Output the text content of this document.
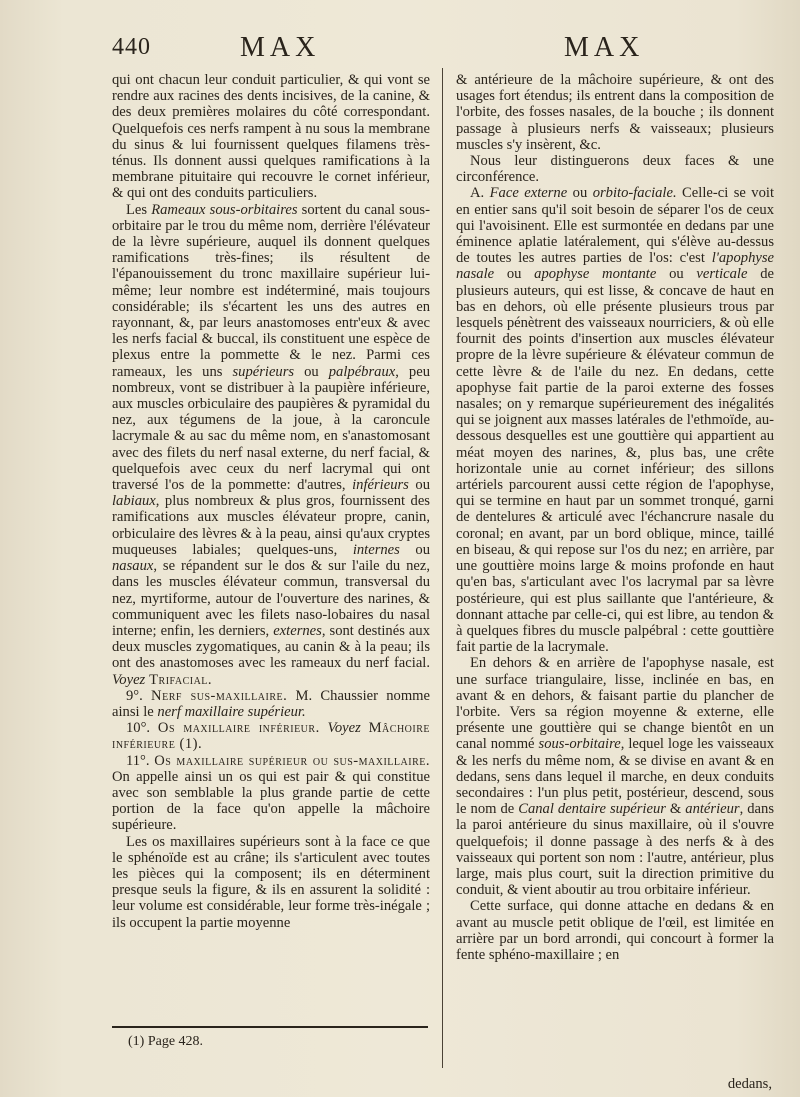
440	MAX	MAX

qui ont chacun leur conduit particulier, & qui vont se rendre aux racines des dents incisives, de la canine, & des deux premières molaires du côté correspondant. Quelquefois ces nerfs rampent à nu sous la membrane du sinus & lui fournissent quelques filamens très-ténus. Ils donnent aussi quelques ramifications à la membrane pituitaire qui recouvre le cornet inférieur, & qui ont des conduits particuliers.

Les Rameaux sous-orbitaires sortent du canal sous-orbitaire par le trou du même nom, derrière l'élévateur de la lèvre supérieure, auquel ils donnent quelques ramifications très-fines; ils résultent de l'épanouissement du tronc maxillaire supérieur lui-même; leur nombre est indéterminé, mais toujours considérable; ils s'écartent les uns des autres en rayonnant, &, par leurs anastomoses entr'eux & avec les nerfs facial & buccal, ils constituent une espèce de plexus entre la pommette & le nez. Parmi ces rameaux, les uns supérieurs ou palpébraux, peu nombreux, vont se distribuer à la paupière inférieure, aux muscles orbiculaire des paupières & pyramidal du nez, aux tégumens de la joue, à la caroncule lacrymale & au sac du même nom, en s'anastomosant avec des filets du nerf nasal externe, du nerf facial, & quelquefois avec ceux du nerf lacrymal qui ont traversé l'os de la pommette: d'autres, inférieurs ou labiaux, plus nombreux & plus gros, fournissent des ramifications aux muscles élévateur propre, canin, orbiculaire des lèvres & à la peau, ainsi qu'aux cryptes muqueuses labiales; quelques-uns, internes ou nasaux, se répandent sur le dos & sur l'aile du nez, dans les muscles élévateur commun, transversal du nez, myrtiforme, autour de l'ouverture des narines, & communiquent avec les filets naso-lobaires du nasal interne; enfin, les derniers, externes, sont destinés aux deux muscles zygomatiques, au canin & à la peau; ils ont des anastomoses avec les rameaux du nerf facial. Voyez Trifacial.

9°. Nerf sus-maxillaire. M. Chaussier nomme ainsi le nerf maxillaire supérieur.

10°. Os maxillaire inférieur. Voyez Mâchoire inférieure (1).

11°. Os maxillaire supérieur ou sus-maxillaire. On appelle ainsi un os qui est pair & qui constitue avec son semblable la plus grande partie de cette portion de la face qu'on appelle la mâchoire supérieure.

Les os maxillaires supérieurs sont à la face ce que le sphénoïde est au crâne; ils s'articulent avec toutes les pièces qui la composent; ils en déterminent presque seuls la figure, & ils en assurent la solidité : leur volume est considérable, leur forme très-inégale ; ils occupent la partie moyenne

(1) Page 428.

& antérieure de la mâchoire supérieure, & ont des usages fort étendus; ils entrent dans la composition de l'orbite, des fosses nasales, de la bouche ; ils donnent passage à plusieurs nerfs & vaisseaux; plusieurs muscles s'y insèrent, &c.

Nous leur distinguerons deux faces & une circonférence.

A. Face externe ou orbito-faciale. Celle-ci se voit en entier sans qu'il soit besoin de séparer l'os de ceux qui l'avoisinent. Elle est surmontée en dedans par une éminence aplatie latéralement, qui s'élève au-dessus de toutes les autres parties de l'os: c'est l'apophyse nasale ou apophyse montante ou verticale de plusieurs auteurs, qui est lisse, & concave de haut en bas en dehors, où elle présente plusieurs trous par lesquels pénètrent des vaisseaux nourriciers, & où elle fournit des points d'insertion aux muscles élévateur propre de la lèvre supérieure & élévateur commun de cette lèvre & de l'aile du nez. En dedans, cette apophyse fait partie de la paroi externe des fosses nasales; on y remarque supérieurement des inégalités qui se joignent aux masses latérales de l'ethmoïde, au-dessous desquelles est une gouttière qui appartient au méat moyen des narines, &, plus bas, une crête horizontale unie au cornet inférieur; des sillons artériels parcourent aussi cette région de l'apophyse, qui se termine en haut par un sommet tronqué, garni de dentelures & articulé avec l'échancrure nasale du coronal; en avant, par un bord oblique, mince, taillé en biseau, & qui repose sur l'os du nez; en arrière, par une gouttière moins large & moins profonde en haut qu'en bas, s'articulant avec l'os lacrymal par sa lèvre postérieure, qui est plus saillante que l'antérieure, & donnant attache par celle-ci, qui est libre, au tendon & à quelques fibres du muscle palpébral : cette gouttière fait partie de la lacrymale.

En dehors & en arrière de l'apophyse nasale, est une surface triangulaire, lisse, inclinée en bas, en avant & en dehors, & faisant partie du plancher de l'orbite. Vers sa région moyenne & externe, elle présente une gouttière qui se change bientôt en un canal nommé sous-orbitaire, lequel loge les vaisseaux & les nerfs du même nom, & se divise en avant & en dedans, sens dans lequel il marche, en deux conduits secondaires : l'un plus petit, postérieur, descend, sous le nom de Canal dentaire supérieur & antérieur, dans la paroi antérieure du sinus maxillaire, où il s'ouvre quelquefois; il donne passage à des nerfs & à des vaisseaux qui portent son nom : l'autre, antérieur, plus large, mais plus court, suit la direction primitive du conduit, & vient aboutir au trou orbitaire inférieur.

Cette surface, qui donne attache en dedans & en avant au muscle petit oblique de l'œil, est limitée en arrière par un bord arrondi, qui concourt à former la fente sphéno-maxillaire ; en

dedans,
